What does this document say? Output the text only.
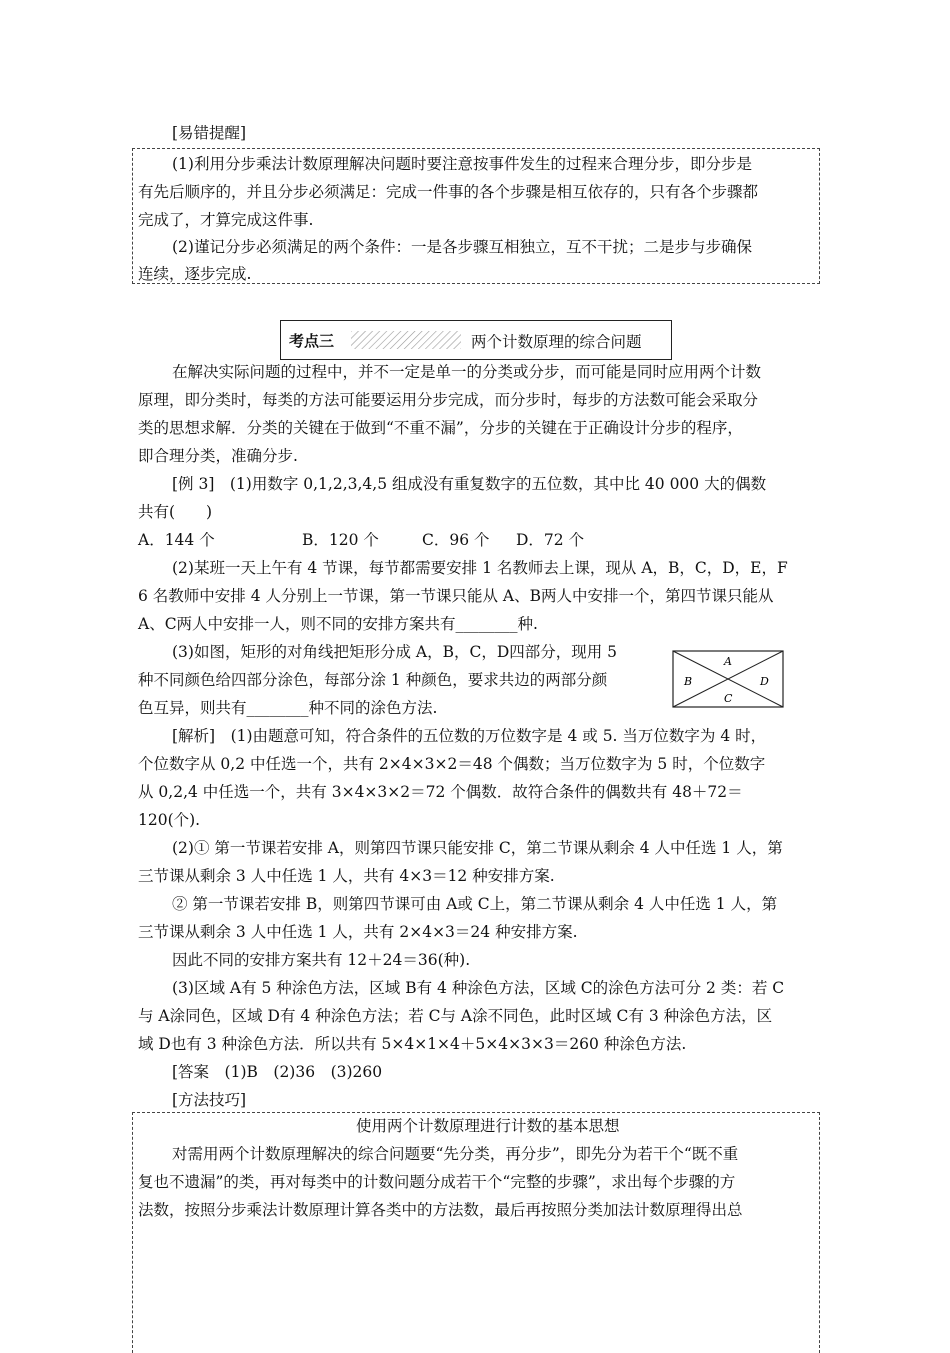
[易错提醒]
(1)利用分步乘法计数原理解决问题时要注意按事件发生的过程来合理分步，即分步是
有先后顺序的，并且分步必须满足：完成一件事的各个步骤是相互依存的，只有各个步骤都
完成了，才算完成这件事.
(2)谨记分步必须满足的两个条件：一是各步骤互相独立，互不干扰；二是步与步确保
连续，逐步完成.
考点三	两个计数原理的综合问题
在解决实际问题的过程中，并不一定是单一的分类或分步，而可能是同时应用两个计数
原理，即分类时，每类的方法可能要运用分步完成，而分步时，每步的方法数可能会采取分
类的思想求解．分类的关键在于做到“不重不漏”，分步的关键在于正确设计分步的程序，
即合理分类，准确分步.
[例 3]　(1)用数字 0,1,2,3,4,5 组成没有重复数字的五位数，其中比 40 000 大的偶数
共有(　　)
A．144 个	B．120 个	C．96 个 D．72 个
(2)某班一天上午有 4 节课，每节都需要安排 1 名教师去上课，现从 A，B，C，D，E，F
6 名教师中安排 4 人分别上一节课，第一节课只能从 A、B两人中安排一个，第四节课只能从
A、C两人中安排一人，则不同的安排方案共有________种.
(3)如图，矩形的对角线把矩形分成 A，B，C，D四部分，现用 5
种不同颜色给四部分涂色，每部分涂 1 种颜色，要求共边的两部分颜
色互异，则共有________种不同的涂色方法.
A
B
C
D
[解析]　(1)由题意可知，符合条件的五位数的万位数字是 4 或 5. 当万位数字为 4 时，
个位数字从 0,2 中任选一个，共有 2×4×3×2＝48 个偶数；当万位数字为 5 时，个位数字
从 0,2,4 中任选一个，共有 3×4×3×2＝72 个偶数．故符合条件的偶数共有 48＋72＝
120(个).
(2)① 第一节课若安排 A，则第四节课只能安排 C，第二节课从剩余 4 人中任选 1 人，第
三节课从剩余 3 人中任选 1 人，共有 4×3＝12 种安排方案.
② 第一节课若安排 B，则第四节课可由 A或 C上，第二节课从剩余 4 人中任选 1 人，第
三节课从剩余 3 人中任选 1 人，共有 2×4×3＝24 种安排方案.
因此不同的安排方案共有 12＋24＝36(种).
(3)区域 A有 5 种涂色方法，区域 B有 4 种涂色方法，区域 C的涂色方法可分 2 类：若 C
与 A涂同色，区域 D有 4 种涂色方法；若 C与 A涂不同色，此时区域 C有 3 种涂色方法，区
域 D也有 3 种涂色方法．所以共有 5×4×1×4＋5×4×3×3＝260 种涂色方法.
[答案　(1)B　(2)36　(3)260
[方法技巧]
使用两个计数原理进行计数的基本思想
对需用两个计数原理解决的综合问题要“先分类，再分步”，即先分为若干个“既不重
复也不遗漏”的类，再对每类中的计数问题分成若干个“完整的步骤”，求出每个步骤的方
法数，按照分步乘法计数原理计算各类中的方法数，最后再按照分类加法计数原理得出总
